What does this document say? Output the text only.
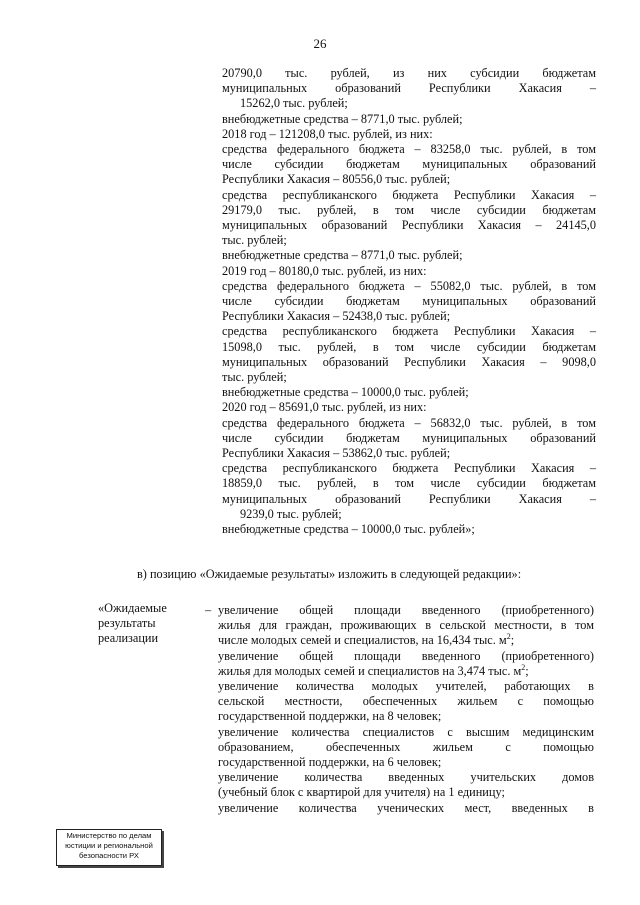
26
20790,0 тыс. рублей, из них субсидии бюджетам
муниципальных образований Республики Хакасия –
15262,0 тыс. рублей;
внебюджетные средства – 8771,0 тыс. рублей;
2018 год – 121208,0 тыс. рублей, из них:
средства федерального бюджета – 83258,0 тыс. рублей, в том
числе субсидии бюджетам муниципальных образований
Республики Хакасия – 80556,0 тыс. рублей;
средства республиканского бюджета Республики Хакасия –
29179,0 тыс. рублей, в том числе субсидии бюджетам
муниципальных образований Республики Хакасия – 24145,0
тыс. рублей;
внебюджетные средства – 8771,0 тыс. рублей;
2019 год – 80180,0 тыс. рублей, из них:
средства федерального бюджета – 55082,0 тыс. рублей, в том
числе субсидии бюджетам муниципальных образований
Республики Хакасия – 52438,0 тыс. рублей;
средства республиканского бюджета Республики Хакасия –
15098,0 тыс. рублей, в том числе субсидии бюджетам
муниципальных образований Республики Хакасия – 9098,0
тыс. рублей;
внебюджетные средства – 10000,0 тыс. рублей;
2020 год – 85691,0 тыс. рублей, из них:
средства федерального бюджета – 56832,0 тыс. рублей, в том
числе субсидии бюджетам муниципальных образований
Республики Хакасия – 53862,0 тыс. рублей;
средства республиканского бюджета Республики Хакасия –
18859,0 тыс. рублей, в том числе субсидии бюджетам
муниципальных образований Республики Хакасия –
9239,0 тыс. рублей;
внебюджетные средства – 10000,0 тыс. рублей»;
в) позицию «Ожидаемые результаты» изложить в следующей редакции»:
«Ожидаемые
результаты
реализации
– увеличение общей площади введенного (приобретенного)
жилья для граждан, проживающих в сельской местности, в том
числе молодых семей и специалистов, на 16,434 тыс. $м^2$;
увеличение общей площади введенного (приобретенного)
жилья для молодых семей и специалистов на 3,474 тыс. $м^2$;
увеличение количества молодых учителей, работающих в
сельской местности, обеспеченных жильем с помощью
государственной поддержки, на 8 человек;
увеличение количества специалистов с высшим медицинским
образованием, обеспеченных жильем с помощью
государственной поддержки, на 6 человек;
увеличение количества введенных учительских домов
(учебный блок с квартирой для учителя) на 1 единицу;
увеличение количества ученических мест, введенных в
Министерство по делам
юстиции и региональной
безопасности РХ
